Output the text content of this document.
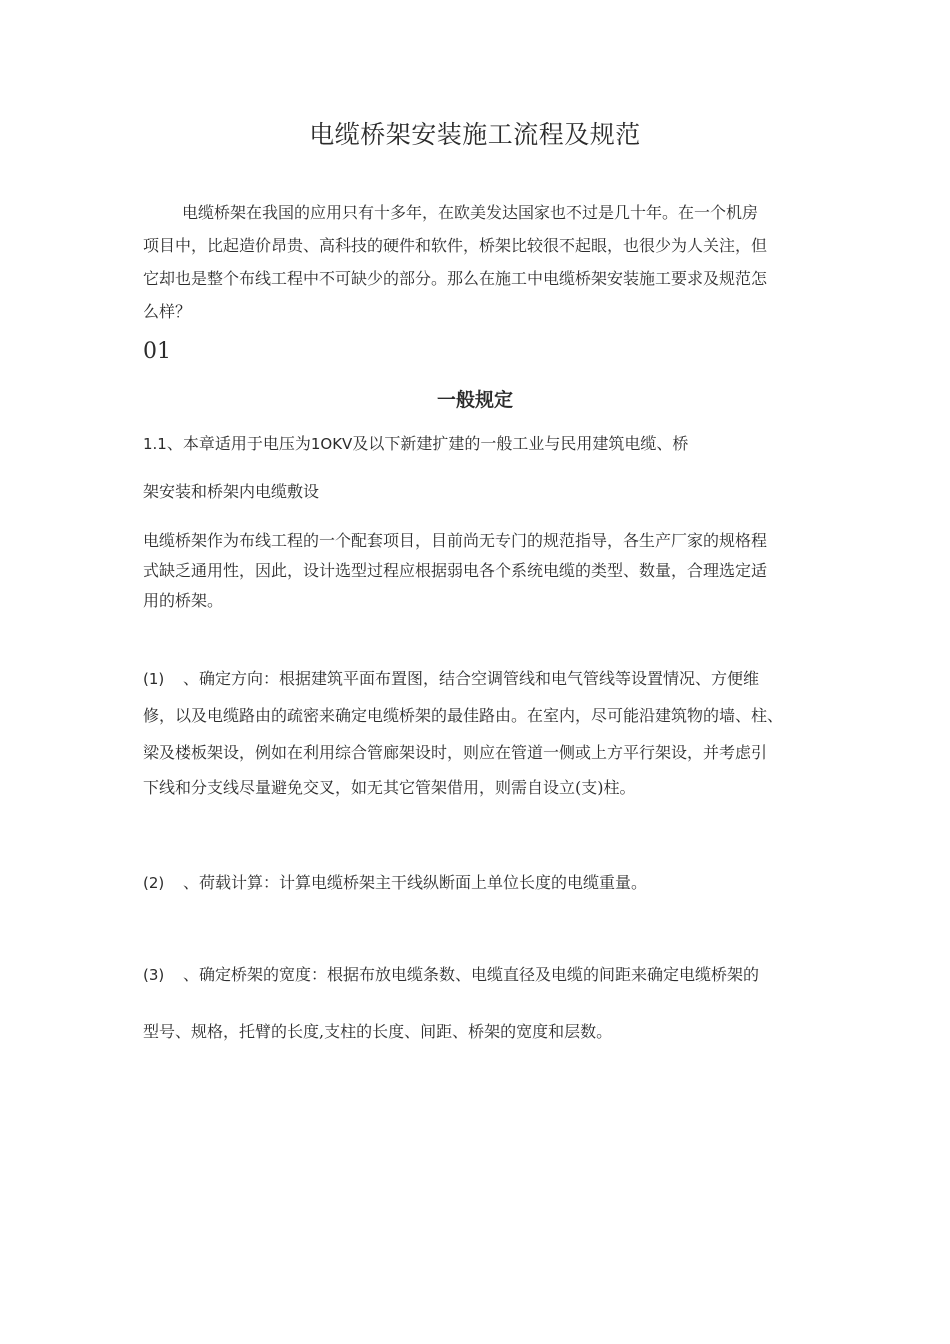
电缆桥架安装施工流程及规范
电缆桥架在我国的应用只有十多年，在欧美发达国家也不过是几十年。在一个机房
项目中，比起造价昂贵、高科技的硬件和软件，桥架比较很不起眼，也很少为人关注，但
它却也是整个布线工程中不可缺少的部分。那么在施工中电缆桥架安装施工要求及规范怎
么样？
01
一般规定
1.1、本章适用于电压为1OKV及以下新建扩建的一般工业与民用建筑电缆、桥
架安装和桥架内电缆敷设
电缆桥架作为布线工程的一个配套项目，目前尚无专门的规范指导，各生产厂家的规格程
式缺乏通用性，因此，设计选型过程应根据弱电各个系统电缆的类型、数量，合理选定适
用的桥架。
(1) 、确定方向：根据建筑平面布置图，结合空调管线和电气管线等设置情况、方便维
修，以及电缆路由的疏密来确定电缆桥架的最佳路由。在室内，尽可能沿建筑物的墙、柱、
梁及楼板架设，例如在利用综合管廊架设时，则应在管道一侧或上方平行架设，并考虑引
下线和分支线尽量避免交叉，如无其它管架借用，则需自设立(支)柱。
(2) 、荷载计算：计算电缆桥架主干线纵断面上单位长度的电缆重量。
(3) 、确定桥架的宽度：根据布放电缆条数、电缆直径及电缆的间距来确定电缆桥架的
型号、规格，托臂的长度,支柱的长度、间距、桥架的宽度和层数。
